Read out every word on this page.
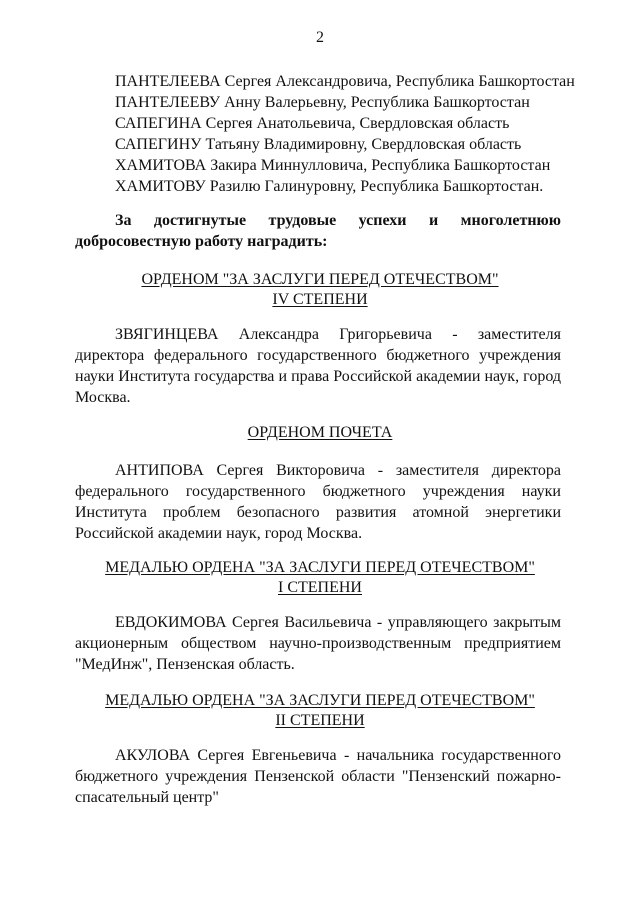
2
ПАНТЕЛЕЕВА Сергея Александровича, Республика Башкортостан
ПАНТЕЛЕЕВУ Анну Валерьевну, Республика Башкортостан
САПЕГИНА Сергея Анатольевича, Свердловская область
САПЕГИНУ Татьяну Владимировну, Свердловская область
ХАМИТОВА Закира Миннулловича, Республика Башкортостан
ХАМИТОВУ Разилю Галинуровну, Республика Башкортостан.
За достигнутые трудовые успехи и многолетнюю
добросовестную работу наградить:
ОРДЕНОМ "ЗА ЗАСЛУГИ ПЕРЕД ОТЕЧЕСТВОМ"
IV СТЕПЕНИ
ЗВЯГИНЦЕВА Александра Григорьевича - заместителя директора федерального государственного бюджетного учреждения науки Института государства и права Российской академии наук, город Москва.
ОРДЕНОМ ПОЧЕТА
АНТИПОВА Сергея Викторовича - заместителя директора федерального государственного бюджетного учреждения науки Института проблем безопасного развития атомной энергетики Российской академии наук, город Москва.
МЕДАЛЬЮ ОРДЕНА "ЗА ЗАСЛУГИ ПЕРЕД ОТЕЧЕСТВОМ"
I СТЕПЕНИ
ЕВДОКИМОВА Сергея Васильевича - управляющего закрытым акционерным обществом научно-производственным предприятием "МедИнж", Пензенская область.
МЕДАЛЬЮ ОРДЕНА "ЗА ЗАСЛУГИ ПЕРЕД ОТЕЧЕСТВОМ"
II СТЕПЕНИ
АКУЛОВА Сергея Евгеньевича - начальника государственного бюджетного учреждения Пензенской области "Пензенский пожарно-спасательный центр"
